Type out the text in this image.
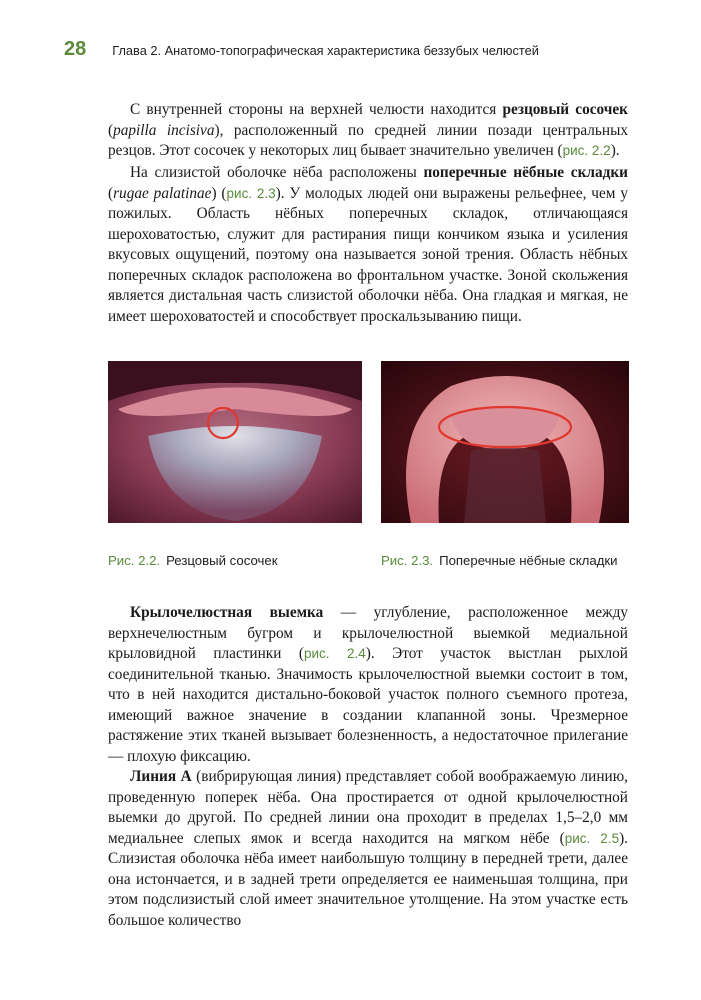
28 Глава 2. Анатомо-топографическая характеристика беззубых челюстей
С внутренней стороны на верхней челюсти находится резцовый сосочек (papilla incisiva), расположенный по средней линии позади центральных резцов. Этот сосочек у некоторых лиц бывает значительно увеличен (рис. 2.2).
На слизистой оболочке нёба расположены поперечные нёбные складки (rugae palatinae) (рис. 2.3). У молодых людей они выражены рельефнее, чем у пожилых. Область нёбных поперечных складок, отличающаяся шероховатостью, служит для растирания пищи кончиком языка и усиления вкусовых ощущений, поэтому она называется зоной трения. Область нёбных поперечных складок расположена во фронтальном участке. Зоной скольжения является дистальная часть слизистой оболочки нёба. Она гладкая и мягкая, не имеет шероховатостей и способствует проскальзыванию пищи.
Рис. 2.2. Резцовый сосочек	Рис. 2.3. Поперечные нёбные складки
Крылочелюстная выемка — углубление, расположенное между верхнечелюстным бугром и крылочелюстной выемкой медиальной крыловидной пластинки (рис. 2.4). Этот участок выстлан рыхлой соединительной тканью. Значимость крылочелюстной выемки состоит в том, что в ней находится дистально-боковой участок полного съемного протеза, имеющий важное значение в создании клапанной зоны. Чрезмерное растяжение этих тканей вызывает болезненность, а недостаточное прилегание — плохую фиксацию.
Линия А (вибрирующая линия) представляет собой воображаемую линию, проведенную поперек нёба. Она простирается от одной крылочелюстной выемки до другой. По средней линии она проходит в пределах 1,5–2,0 мм медиальнее слепых ямок и всегда находится на мягком нёбе (рис. 2.5). Слизистая оболочка нёба имеет наибольшую толщину в передней трети, далее она истончается, и в задней трети определяется ее наименьшая толщина, при этом подслизистый слой имеет значительное утолщение. На этом участке есть большое количество
